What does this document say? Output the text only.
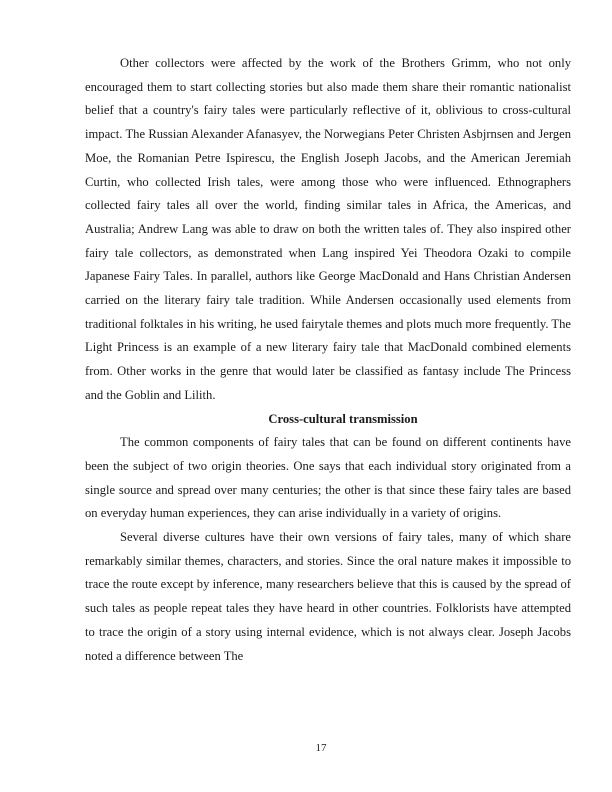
Other collectors were affected by the work of the Brothers Grimm, who not only encouraged them to start collecting stories but also made them share their romantic nationalist belief that a country's fairy tales were particularly reflective of it, oblivious to cross-cultural impact. The Russian Alexander Afanasyev, the Norwegians Peter Christen Asbjrnsen and Jergen Moe, the Romanian Petre Ispirescu, the English Joseph Jacobs, and the American Jeremiah Curtin, who collected Irish tales, were among those who were influenced. Ethnographers collected fairy tales all over the world, finding similar tales in Africa, the Americas, and Australia; Andrew Lang was able to draw on both the written tales of. They also inspired other fairy tale collectors, as demonstrated when Lang inspired Yei Theodora Ozaki to compile Japanese Fairy Tales. In parallel, authors like George MacDonald and Hans Christian Andersen carried on the literary fairy tale tradition. While Andersen occasionally used elements from traditional folktales in his writing, he used fairytale themes and plots much more frequently. The Light Princess is an example of a new literary fairy tale that MacDonald combined elements from. Other works in the genre that would later be classified as fantasy include The Princess and the Goblin and Lilith.

Cross-cultural transmission

The common components of fairy tales that can be found on different continents have been the subject of two origin theories. One says that each individual story originated from a single source and spread over many centuries; the other is that since these fairy tales are based on everyday human experiences, they can arise individually in a variety of origins.

Several diverse cultures have their own versions of fairy tales, many of which share remarkably similar themes, characters, and stories. Since the oral nature makes it impossible to trace the route except by inference, many researchers believe that this is caused by the spread of such tales as people repeat tales they have heard in other countries. Folklorists have attempted to trace the origin of a story using internal evidence, which is not always clear. Joseph Jacobs noted a difference between The

17
